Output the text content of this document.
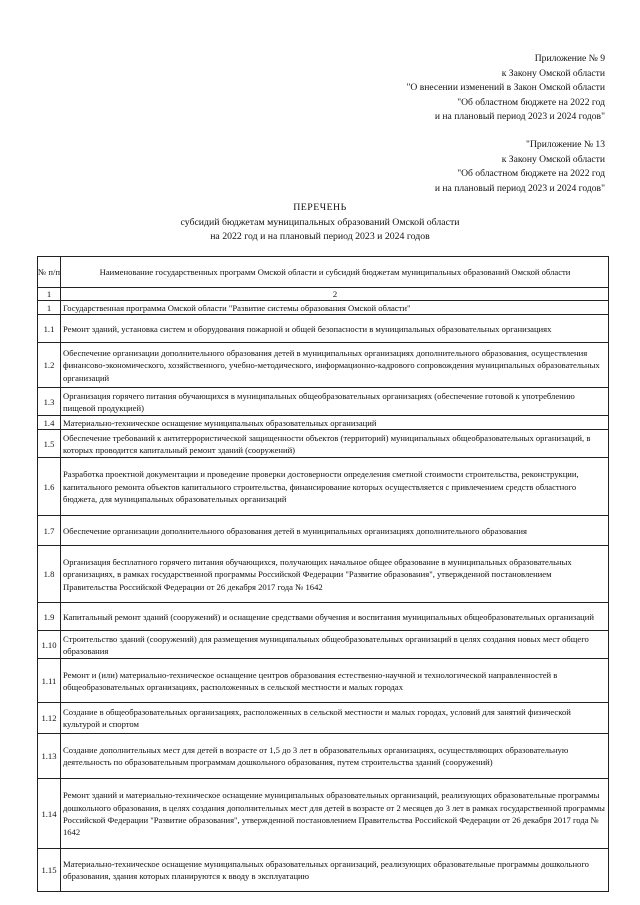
Приложение № 9
к Закону Омской области
"О внесении изменений в Закон Омской области
"Об областном бюджете на 2022 год
и на плановый период 2023 и 2024 годов"
"Приложение № 13
к Закону Омской области
"Об областном бюджете на 2022 год
и на плановый период 2023 и 2024 годов"
ПЕРЕЧЕНЬ
субсидий бюджетам муниципальных образований Омской области
на 2022 год и на плановый период 2023 и 2024 годов
№ п/п	Наименование государственных программ Омской области и субсидий бюджетам муниципальных образований Омской области
1	2
1	Государственная программа Омской области "Развитие системы образования Омской области"
1.1	Ремонт зданий, установка систем и оборудования пожарной и общей безопасности в муниципальных образовательных организациях
1.2	Обеспечение организации дополнительного образования детей в муниципальных организациях дополнительного образования, осуществления финансово-экономического, хозяйственного, учебно-методического, информационно-кадрового сопровождения муниципальных образовательных организаций
1.3	Организация горячего питания обучающихся в муниципальных общеобразовательных организациях (обеспечение готовой к употреблению пищевой продукцией)
1.4	Материально-техническое оснащение муниципальных образовательных организаций
1.5	Обеспечение требований к антитеррористической защищенности объектов (территорий) муниципальных общеобразовательных организаций, в которых проводится капитальный ремонт зданий (сооружений)
1.6	Разработка проектной документации и проведение проверки достоверности определения сметной стоимости строительства, реконструкции, капитального ремонта объектов капитального строительства, финансирование которых осуществляется с привлечением средств областного бюджета, для муниципальных образовательных организаций
1.7	Обеспечение организации дополнительного образования детей в муниципальных организациях дополнительного образования
1.8	Организация бесплатного горячего питания обучающихся, получающих начальное общее образование в муниципальных образовательных организациях, в рамках государственной программы Российской Федерации "Развитие образования", утвержденной постановлением Правительства Российской Федерации от 26 декабря 2017 года № 1642
1.9	Капитальный ремонт зданий (сооружений) и оснащение средствами обучения и воспитания муниципальных общеобразовательных организаций
1.10	Строительство зданий (сооружений) для размещения муниципальных общеобразовательных организаций в целях создания новых мест общего образования
1.11	Ремонт и (или) материально-техническое оснащение центров образования естественно-научной и технологической направленностей в общеобразовательных организациях, расположенных в сельской местности и малых городах
1.12	Создание в общеобразовательных организациях, расположенных в сельской местности и малых городах, условий для занятий физической культурой и спортом
1.13	Создание дополнительных мест для детей в возрасте от 1,5 до 3 лет в образовательных организациях, осуществляющих образовательную деятельность по образовательным программам дошкольного образования, путем строительства зданий (сооружений)
1.14	Ремонт зданий и материально-техническое оснащение муниципальных образовательных организаций, реализующих образовательные программы дошкольного образования, в целях создания дополнительных мест для детей в возрасте от 2 месяцев до 3 лет в рамках государственной программы Российской Федерации "Развитие образования", утвержденной постановлением Правительства Российской Федерации от 26 декабря 2017 года № 1642
1.15	Материально-техническое оснащение муниципальных образовательных организаций, реализующих образовательные программы дошкольного образования, здания которых планируются к вводу в эксплуатацию
